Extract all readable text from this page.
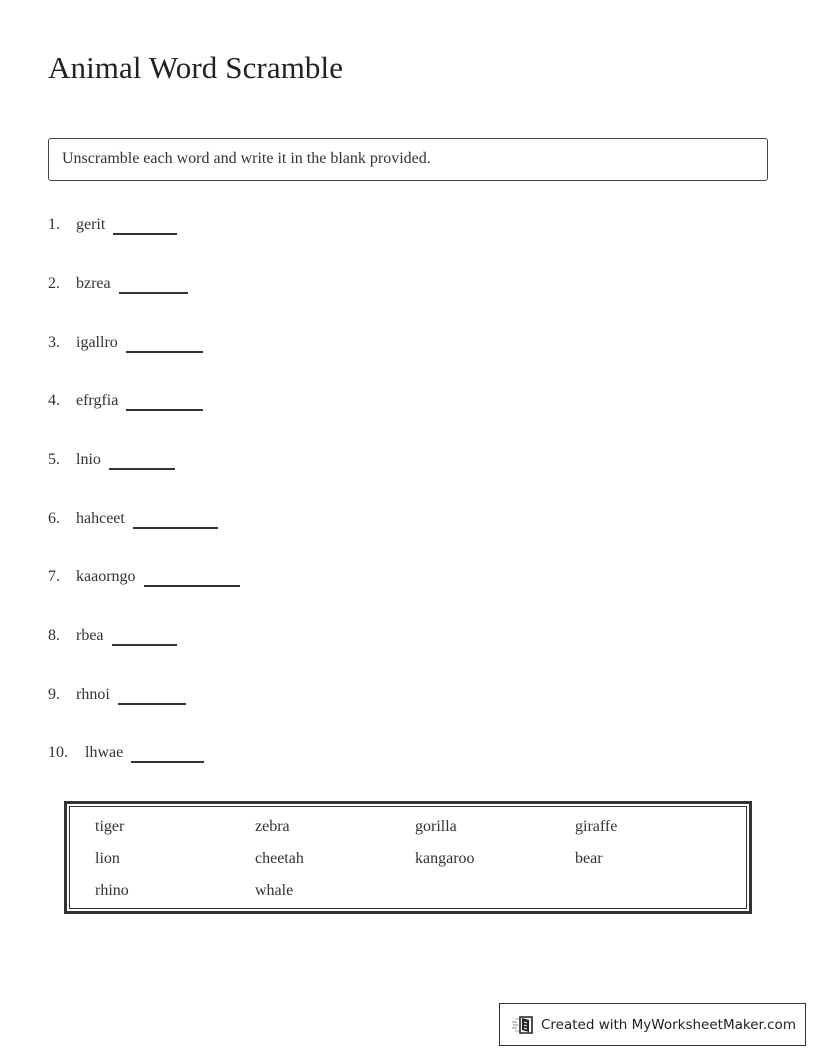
Animal Word Scramble
Unscramble each word and write it in the blank provided.
1.	gerit
2.	bzrea
3.	igallro
4.	efrgfia
5.	lnio
6.	hahceet
7.	kaaorngo
8.	rbea
9.	rhnoi
10.	lhwae
tiger	zebra	gorilla	giraffe
lion	cheetah	kangaroo	bear
rhino	whale
Created with MyWorksheetMaker.com
